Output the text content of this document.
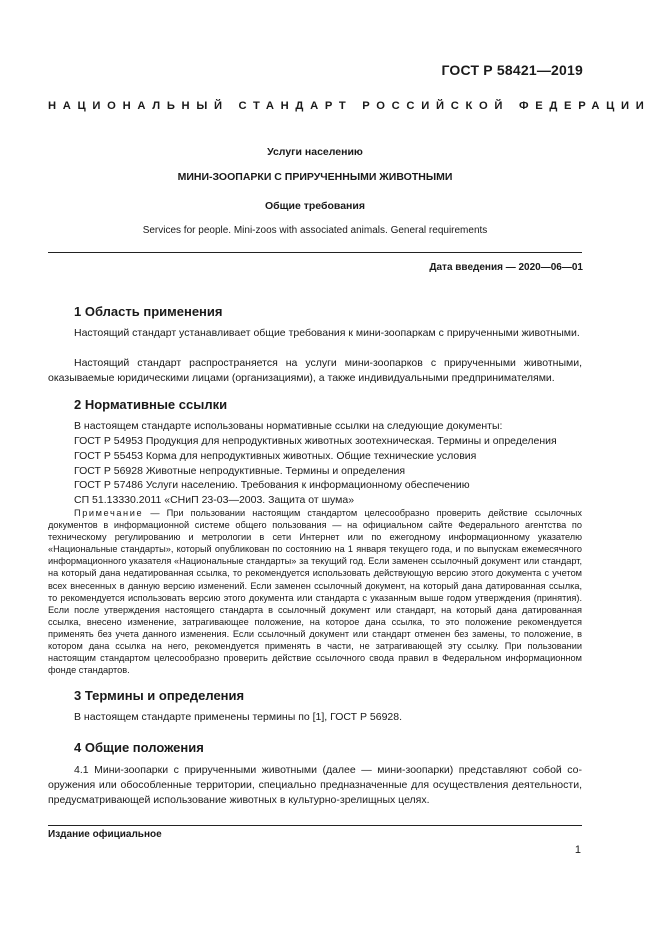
ГОСТ Р 58421—2019
НАЦИОНАЛЬНЫЙ СТАНДАРТ РОССИЙСКОЙ ФЕДЕРАЦИИ
Услуги населению
МИНИ-ЗООПАРКИ С ПРИРУЧЕННЫМИ ЖИВОТНЫМИ
Общие требования
Services for people. Mini-zoos with associated animals. General requirements
Дата введения — 2020—06—01
1 Область применения
Настоящий стандарт устанавливает общие требования к мини-зоопаркам с прирученными животными.
Настоящий стандарт распространяется на услуги мини-зоопарков с прирученными животными, оказываемые юридическими лицами (организациями), а также индивидуальными предпринимателями.
2 Нормативные ссылки
В настоящем стандарте использованы нормативные ссылки на следующие документы:
ГОСТ Р 54953 Продукция для непродуктивных животных зоотехническая. Термины и определения
ГОСТ Р 55453 Корма для непродуктивных животных. Общие технические условия
ГОСТ Р 56928 Животные непродуктивные. Термины и определения
ГОСТ Р 57486 Услуги населению. Требования к информационному обеспечению
СП 51.13330.2011 «СНиП 23-03—2003. Защита от шума»
Примечание — При пользовании настоящим стандартом целесообразно проверить действие ссылочных документов в информационной системе общего пользования — на официальном сайте Федерального агентства по техническому регулированию и метрологии в сети Интернет или по ежегодному информационному указателю «Национальные стандарты», который опубликован по состоянию на 1 января текущего года, и по выпускам ежемесячного информационного указателя «Национальные стандарты» за текущий год. Если заменен ссылочный документ или стандарт, на который дана недатированная ссылка, то рекомендуется использовать действующую версию этого документа с учетом всех внесенных в данную версию изменений. Если заменен ссылочный документ, на который дана датированная ссылка, то рекомендуется использовать версию этого документа или стандарта с указанным выше годом утверждения (принятия). Если после утверждения настоящего стандарта в ссылочный документ или стандарт, на который дана датированная ссылка, внесено изменение, затрагивающее положение, на которое дана ссылка, то это положение рекомендуется применять без учета данного изменения. Если ссылочный документ или стандарт отменен без замены, то положение, в котором дана ссылка на него, рекомендуется применять в части, не затрагивающей эту ссылку. При пользовании настоящим стандартом целесообразно проверить действие ссылочного свода правил в Федеральном информационном фонде стандартов.
3 Термины и определения
В настоящем стандарте применены термины по [1], ГОСТ Р 56928.
4 Общие положения
4.1 Мини-зоопарки с прирученными животными (далее — мини-зоопарки) представляют собой сооружения или обособленные территории, специально предназначенные для осуществления деятельности, предусматривающей использование животных в культурно-зрелищных целях.
Издание официальное
1
